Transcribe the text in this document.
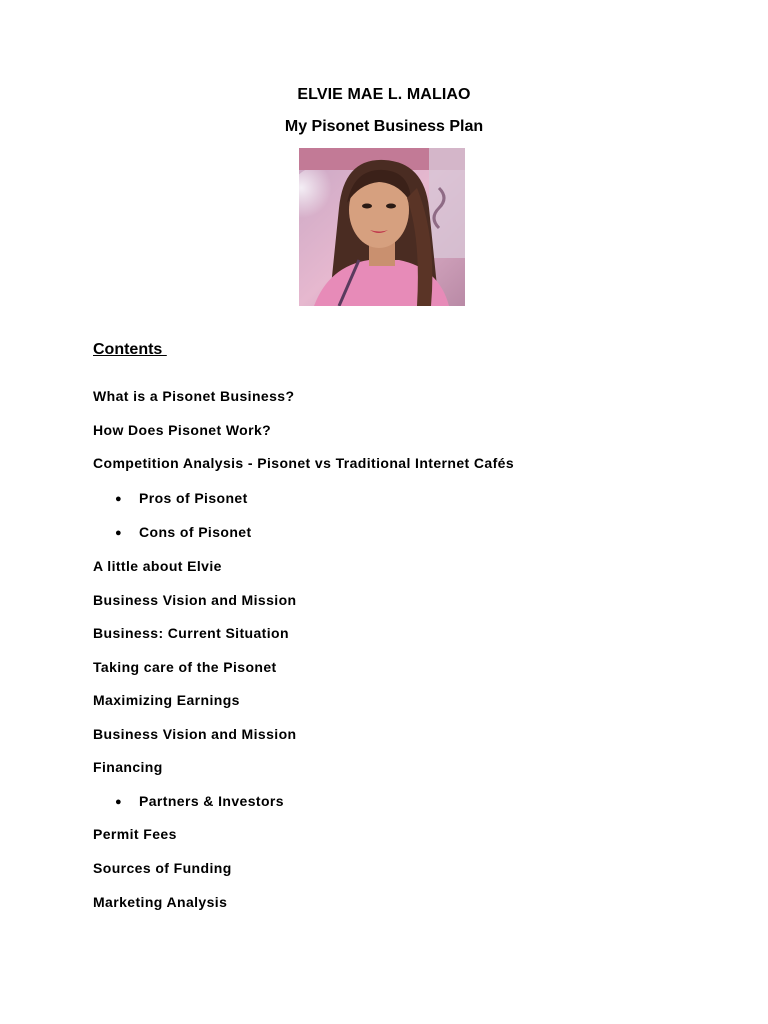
ELVIE MAE L. MALIAO
My Pisonet Business Plan
Contents
What is a Pisonet Business?
How Does Pisonet Work?
Competition Analysis - Pisonet vs Traditional Internet Cafés
● Pros of Pisonet
● Cons of Pisonet
A little about Elvie
Business Vision and Mission
Business: Current Situation
Taking care of the Pisonet
Maximizing Earnings
Business Vision and Mission
Financing
● Partners & Investors
Permit Fees
Sources of Funding
Marketing Analysis
